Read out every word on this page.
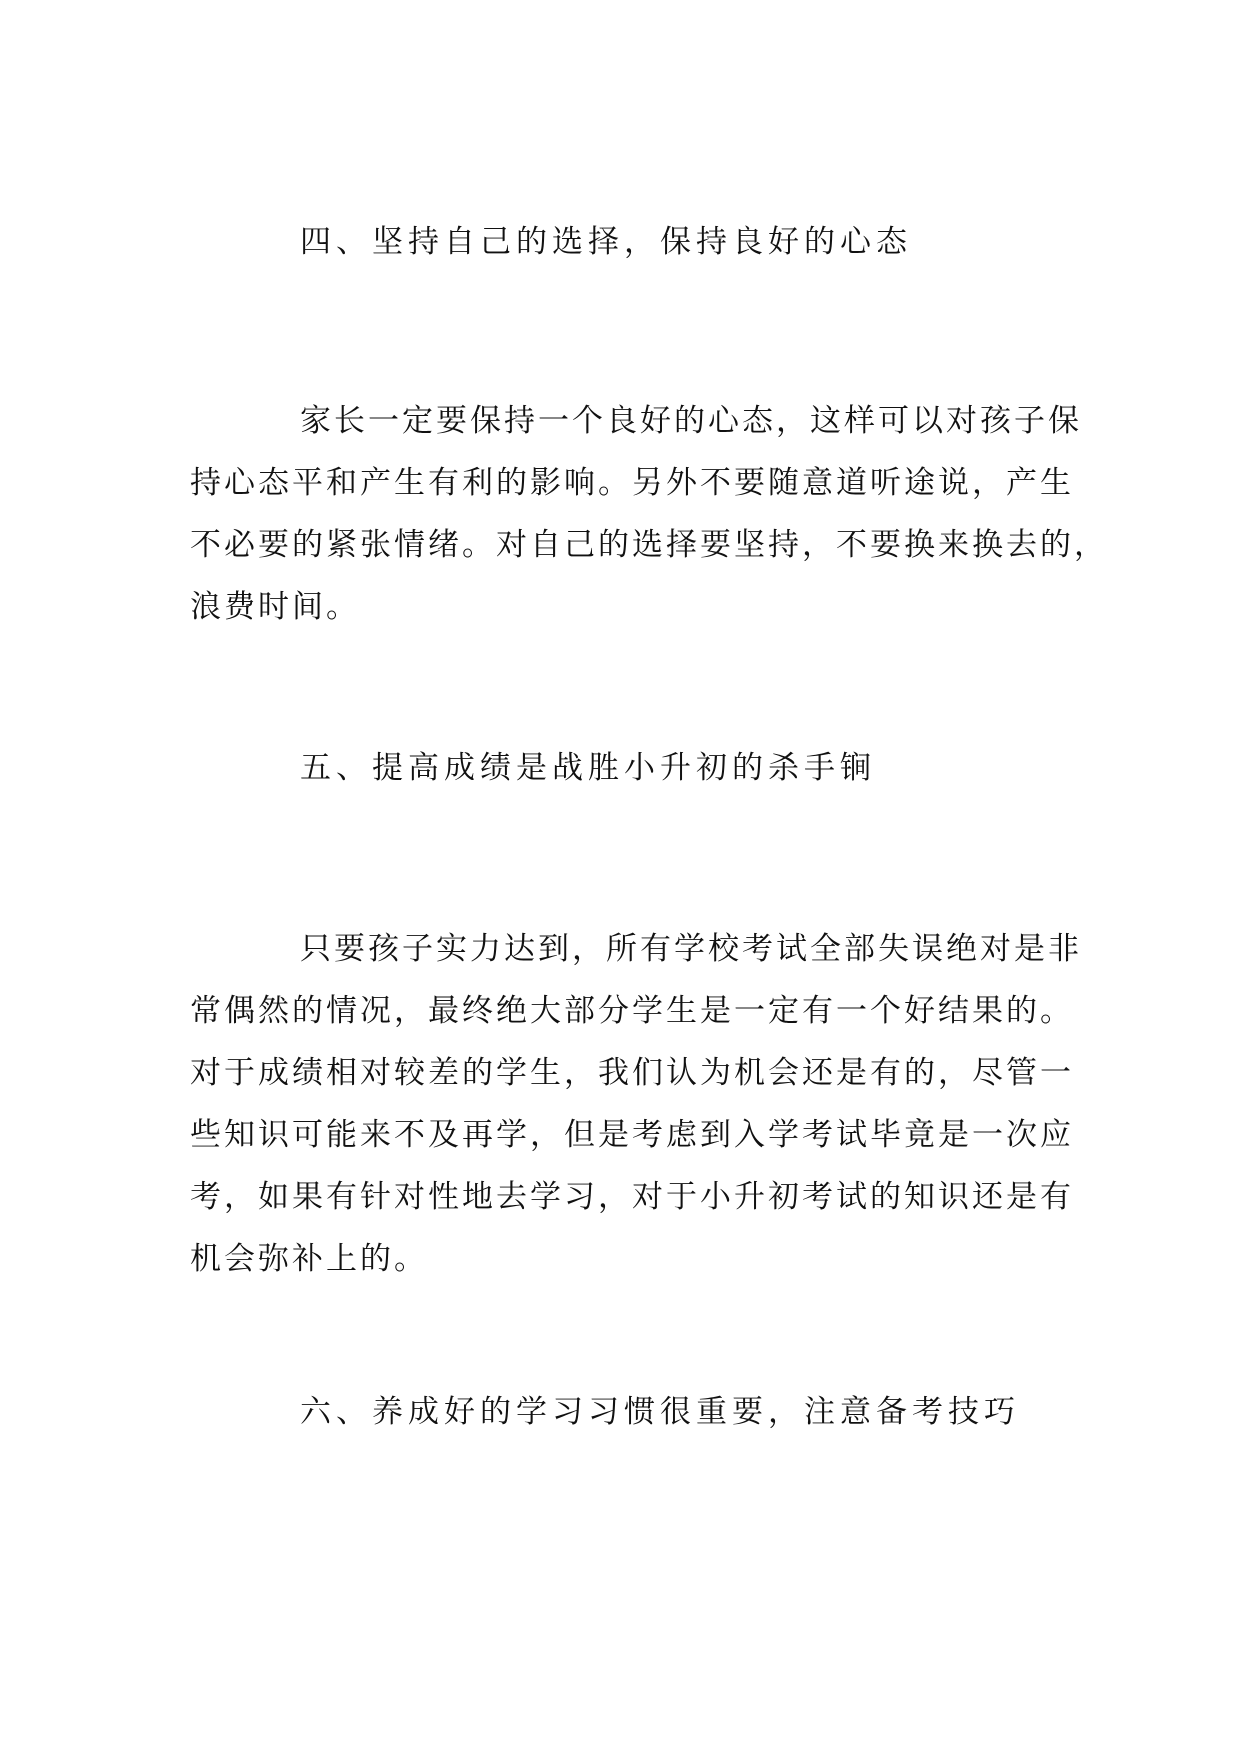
四、坚持自己的选择，保持良好的心态
家长一定要保持一个良好的心态，这样可以对孩子保
持心态平和产生有利的影响。另外不要随意道听途说，产生
不必要的紧张情绪。对自己的选择要坚持，不要换来换去的，
浪费时间。
五、提高成绩是战胜小升初的杀手锏
只要孩子实力达到，所有学校考试全部失误绝对是非
常偶然的情况，最终绝大部分学生是一定有一个好结果的。
对于成绩相对较差的学生，我们认为机会还是有的，尽管一
些知识可能来不及再学，但是考虑到入学考试毕竟是一次应
考，如果有针对性地去学习，对于小升初考试的知识还是有
机会弥补上的。
六、养成好的学习习惯很重要，注意备考技巧
